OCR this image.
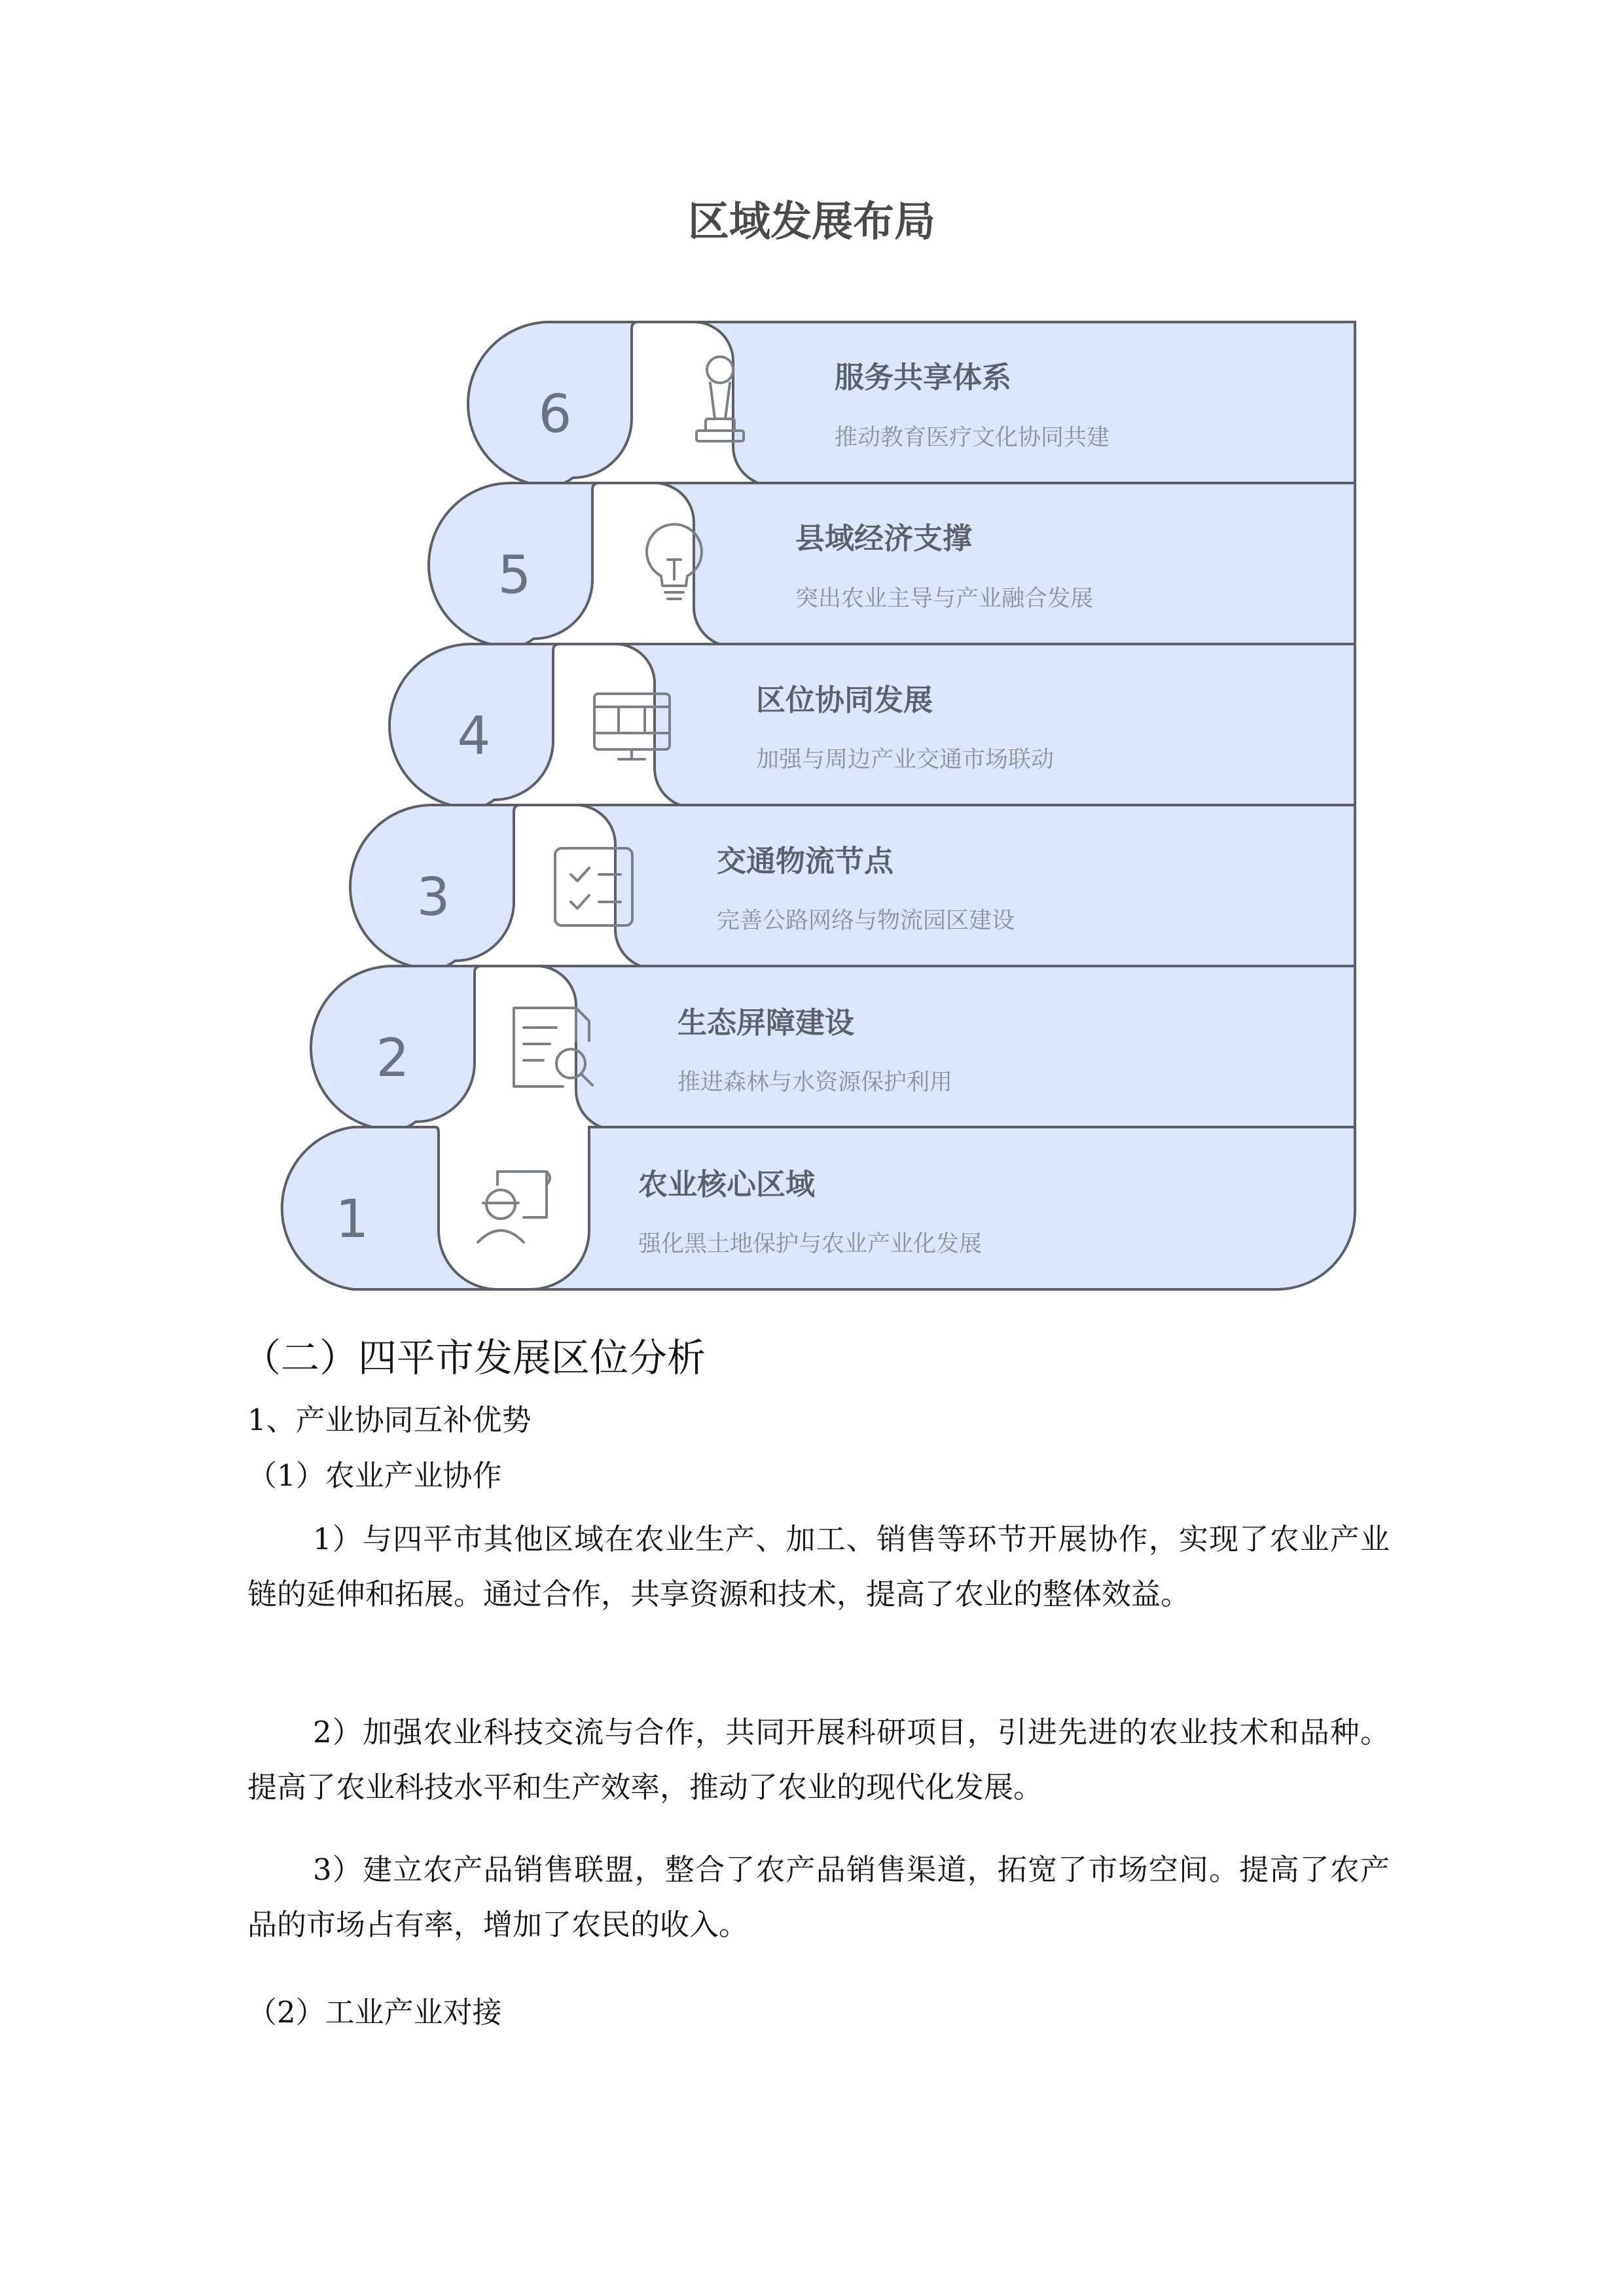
区域发展布局
6
服务共享体系
推动教育医疗文化协同共建
5
县域经济支撑
突出农业主导与产业融合发展
4
区位协同发展
加强与周边产业交通市场联动
3
交通物流节点
完善公路网络与物流园区建设
2
生态屏障建设
推进森林与水资源保护利用
1
农业核心区域
强化黑土地保护与农业产业化发展
（二）四平市发展区位分析
1、产业协同互补优势
（1）农业产业协作

1）与四平市其他区域在农业生产、加工、销售等环节开展协作，实现了农业产业链的延伸和拓展。通过合作，共享资源和技术，提高了农业的整体效益。

2）加强农业科技交流与合作，共同开展科研项目，引进先进的农业技术和品种。提高了农业科技水平和生产效率，推动了农业的现代化发展。

3）建立农产品销售联盟，整合了农产品销售渠道，拓宽了市场空间。提高了农产品的市场占有率，增加了农民的收入。

（2）工业产业对接
